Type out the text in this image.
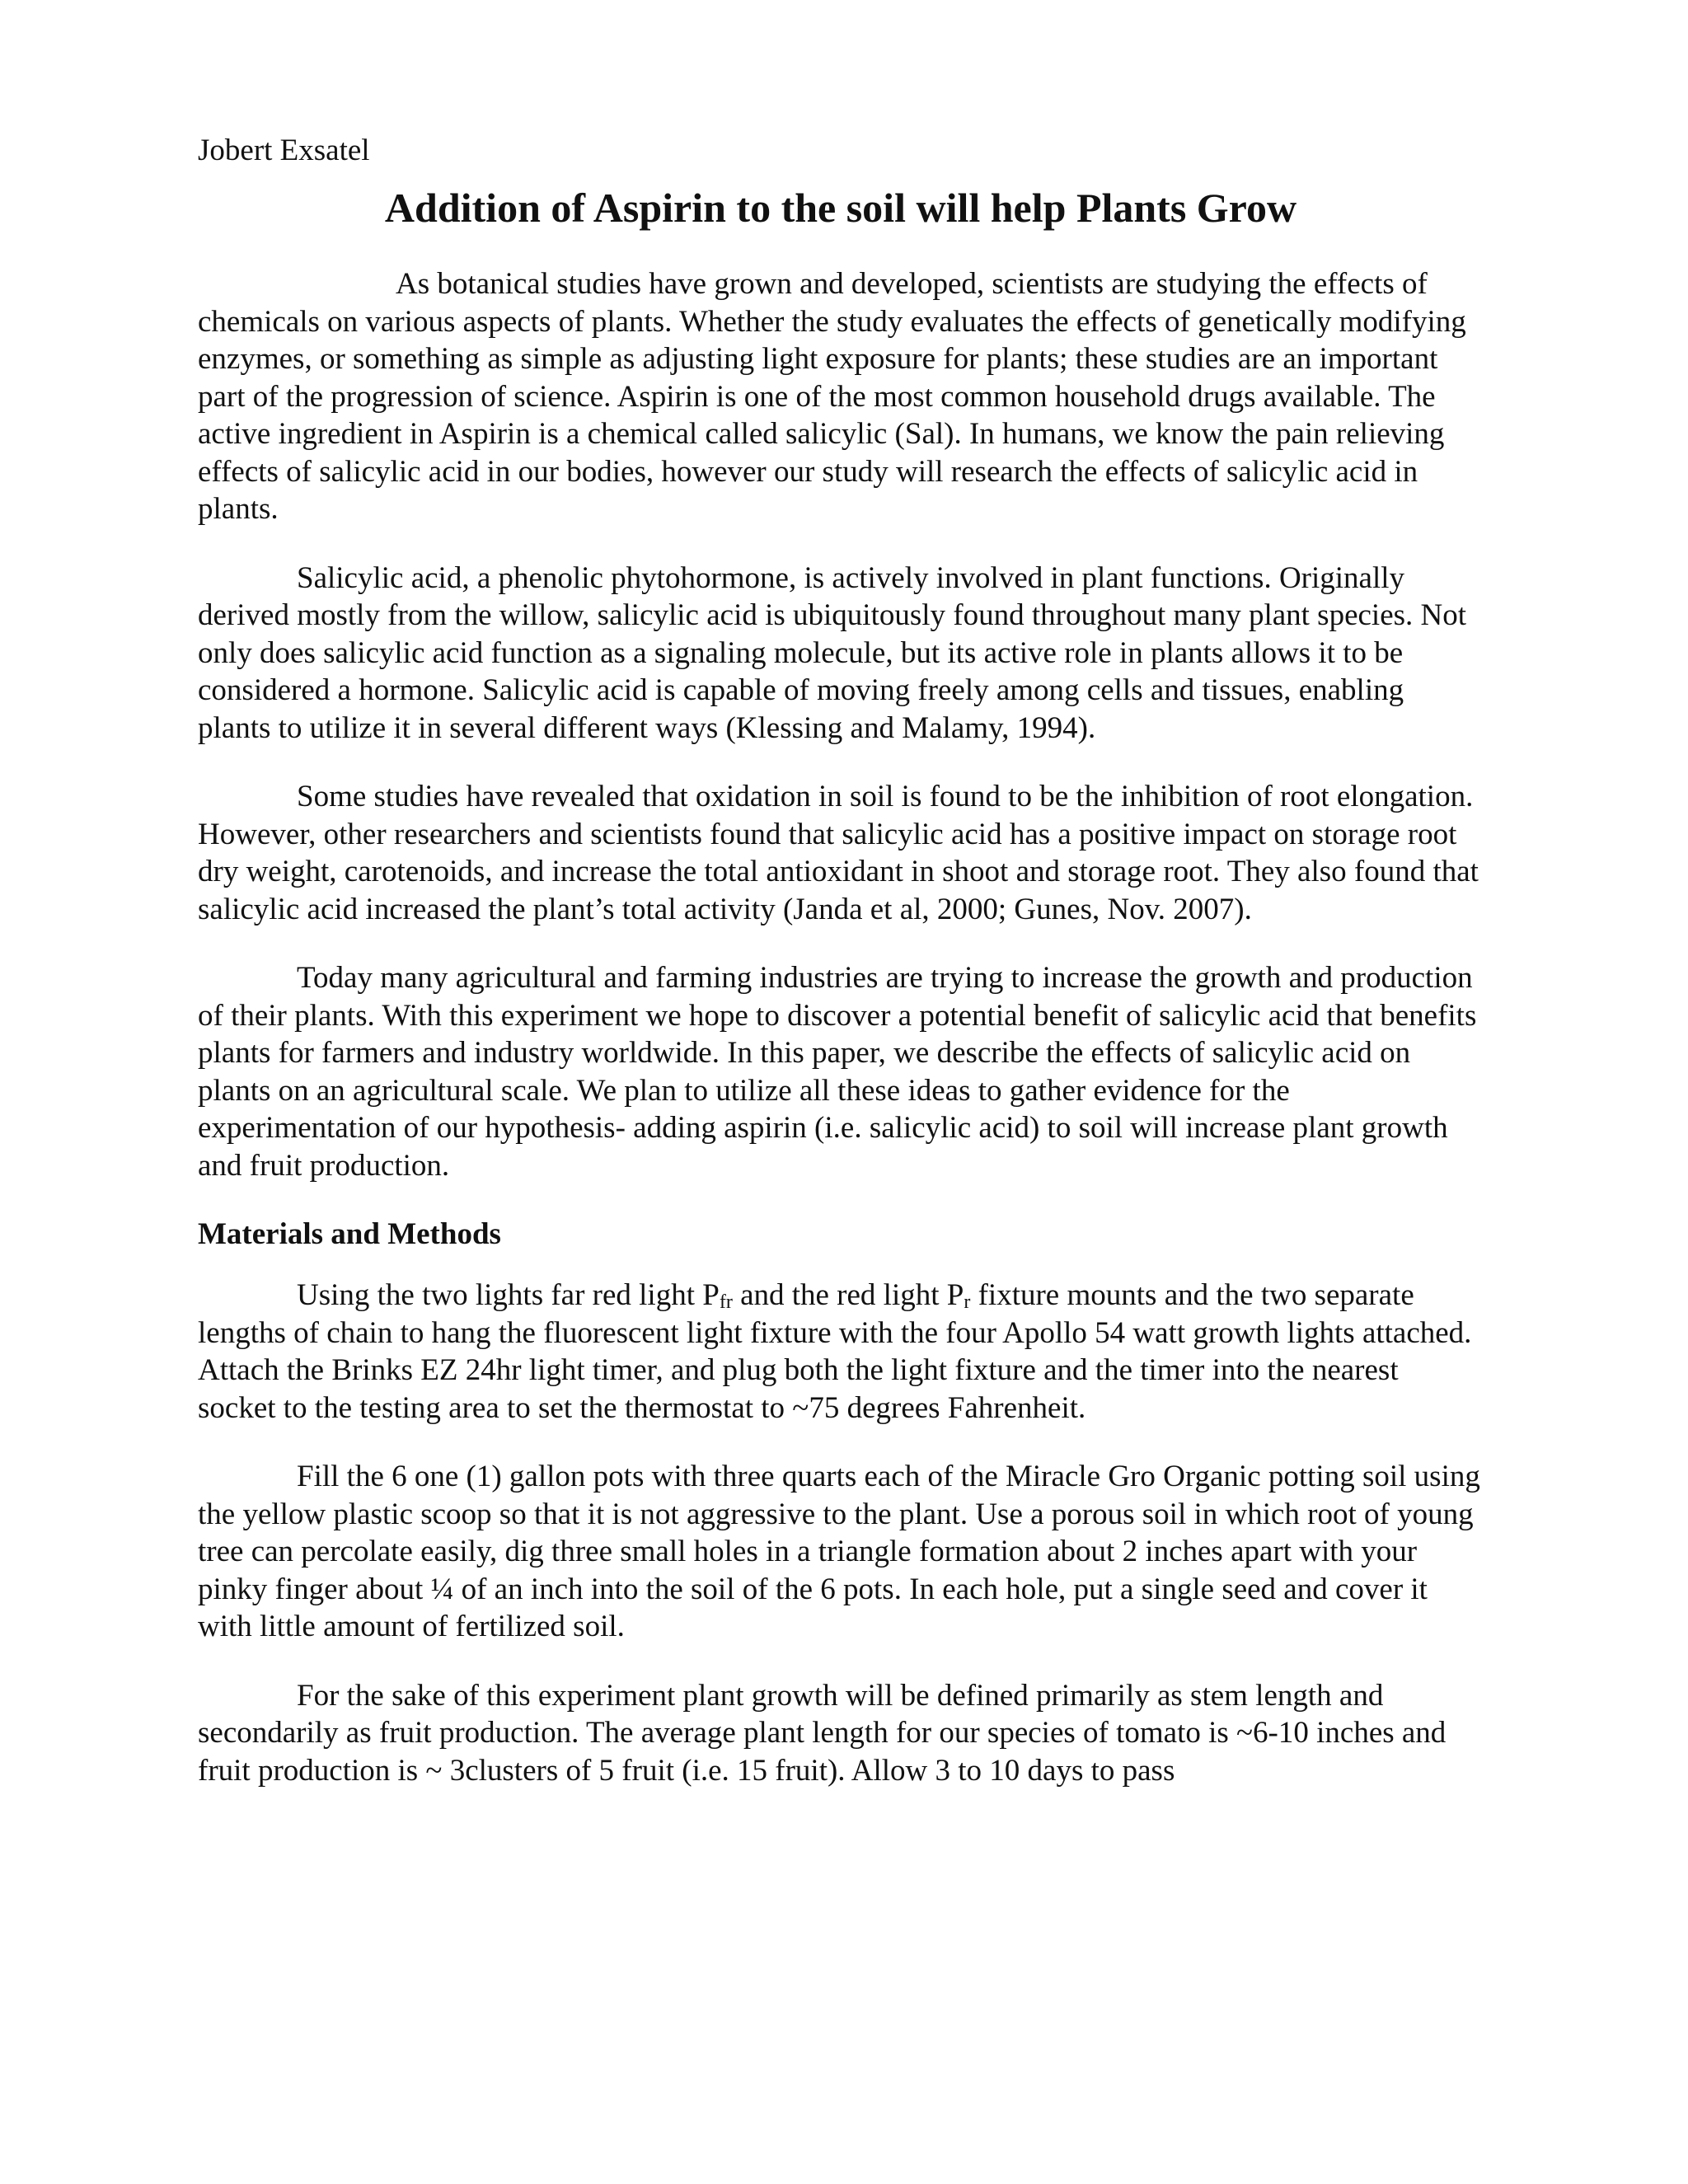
Jobert Exsatel
Addition of Aspirin to the soil will help Plants Grow

As botanical studies have grown and developed, scientists are studying the effects of chemicals on various aspects of plants. Whether the study evaluates the effects of genetically modifying enzymes, or something as simple as adjusting light exposure for plants; these studies are an important part of the progression of science. Aspirin is one of the most common household drugs available. The active ingredient in Aspirin is a chemical called salicylic (Sal). In humans, we know the pain relieving effects of salicylic acid in our bodies, however our study will research the effects of salicylic acid in plants.

Salicylic acid, a phenolic phytohormone, is actively involved in plant functions. Originally derived mostly from the willow, salicylic acid is ubiquitously found throughout many plant species. Not only does salicylic acid function as a signaling molecule, but its active role in plants allows it to be considered a hormone. Salicylic acid is capable of moving freely among cells and tissues, enabling plants to utilize it in several different ways (Klessing and Malamy, 1994).

Some studies have revealed that oxidation in soil is found to be the inhibition of root elongation. However, other researchers and scientists found that salicylic acid has a positive impact on storage root dry weight, carotenoids, and increase the total antioxidant in shoot and storage root. They also found that salicylic acid increased the plant’s total activity (Janda et al, 2000; Gunes, Nov. 2007).

Today many agricultural and farming industries are trying to increase the growth and production of their plants. With this experiment we hope to discover a potential benefit of salicylic acid that benefits plants for farmers and industry worldwide. In this paper, we describe the effects of salicylic acid on plants on an agricultural scale. We plan to utilize all these ideas to gather evidence for the experimentation of our hypothesis- adding aspirin (i.e. salicylic acid) to soil will increase plant growth and fruit production.

Materials and Methods

Using the two lights far red light $P_{fr}$ and the red light $P_r$ fixture mounts and the two separate lengths of chain to hang the fluorescent light fixture with the four Apollo 54 watt growth lights attached. Attach the Brinks EZ 24hr light timer, and plug both the light fixture and the timer into the nearest socket to the testing area to set the thermostat to ~75 degrees Fahrenheit.

Fill the 6 one (1) gallon pots with three quarts each of the Miracle Gro Organic potting soil using the yellow plastic scoop so that it is not aggressive to the plant. Use a porous soil in which root of young tree can percolate easily, dig three small holes in a triangle formation about 2 inches apart with your pinky finger about ¼ of an inch into the soil of the 6 pots. In each hole, put a single seed and cover it with little amount of fertilized soil.

For the sake of this experiment plant growth will be defined primarily as stem length and secondarily as fruit production. The average plant length for our species of tomato is ~6-10 inches and fruit production is ~ 3clusters of 5 fruit (i.e. 15 fruit). Allow 3 to 10 days to pass
